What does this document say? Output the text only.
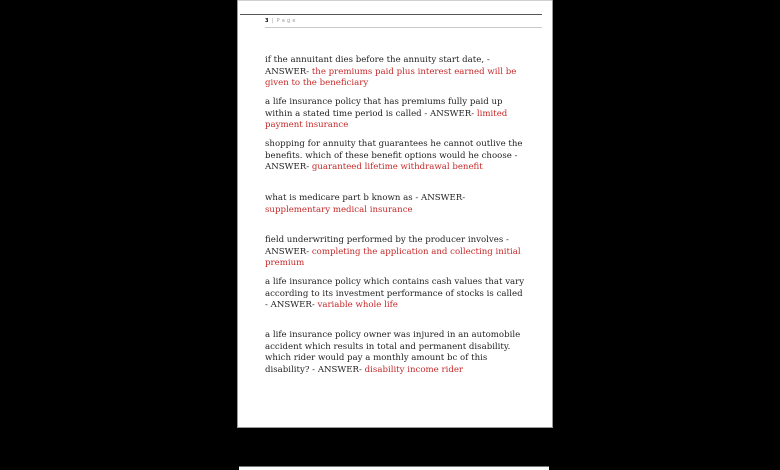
3 | P a g e
if the annuitant dies before the annuity start date, - ANSWER- the premiums paid plus interest earned will be given to the beneficiary
a life insurance policy that has premiums fully paid up within a stated time period is called - ANSWER- limited payment insurance
shopping for annuity that guarantees he cannot outlive the benefits. which of these benefit options would he choose - ANSWER- guaranteed lifetime withdrawal benefit
what is medicare part b known as - ANSWER- supplementary medical insurance
field underwriting performed by the producer involves - ANSWER- completing the application and collecting initial premium
a life insurance policy which contains cash values that vary according to its investment performance of stocks is called - ANSWER- variable whole life
a life insurance policy owner was injured in an automobile accident which results in total and permanent disability. which rider would pay a monthly amount bc of this disability? - ANSWER- disability income rider
